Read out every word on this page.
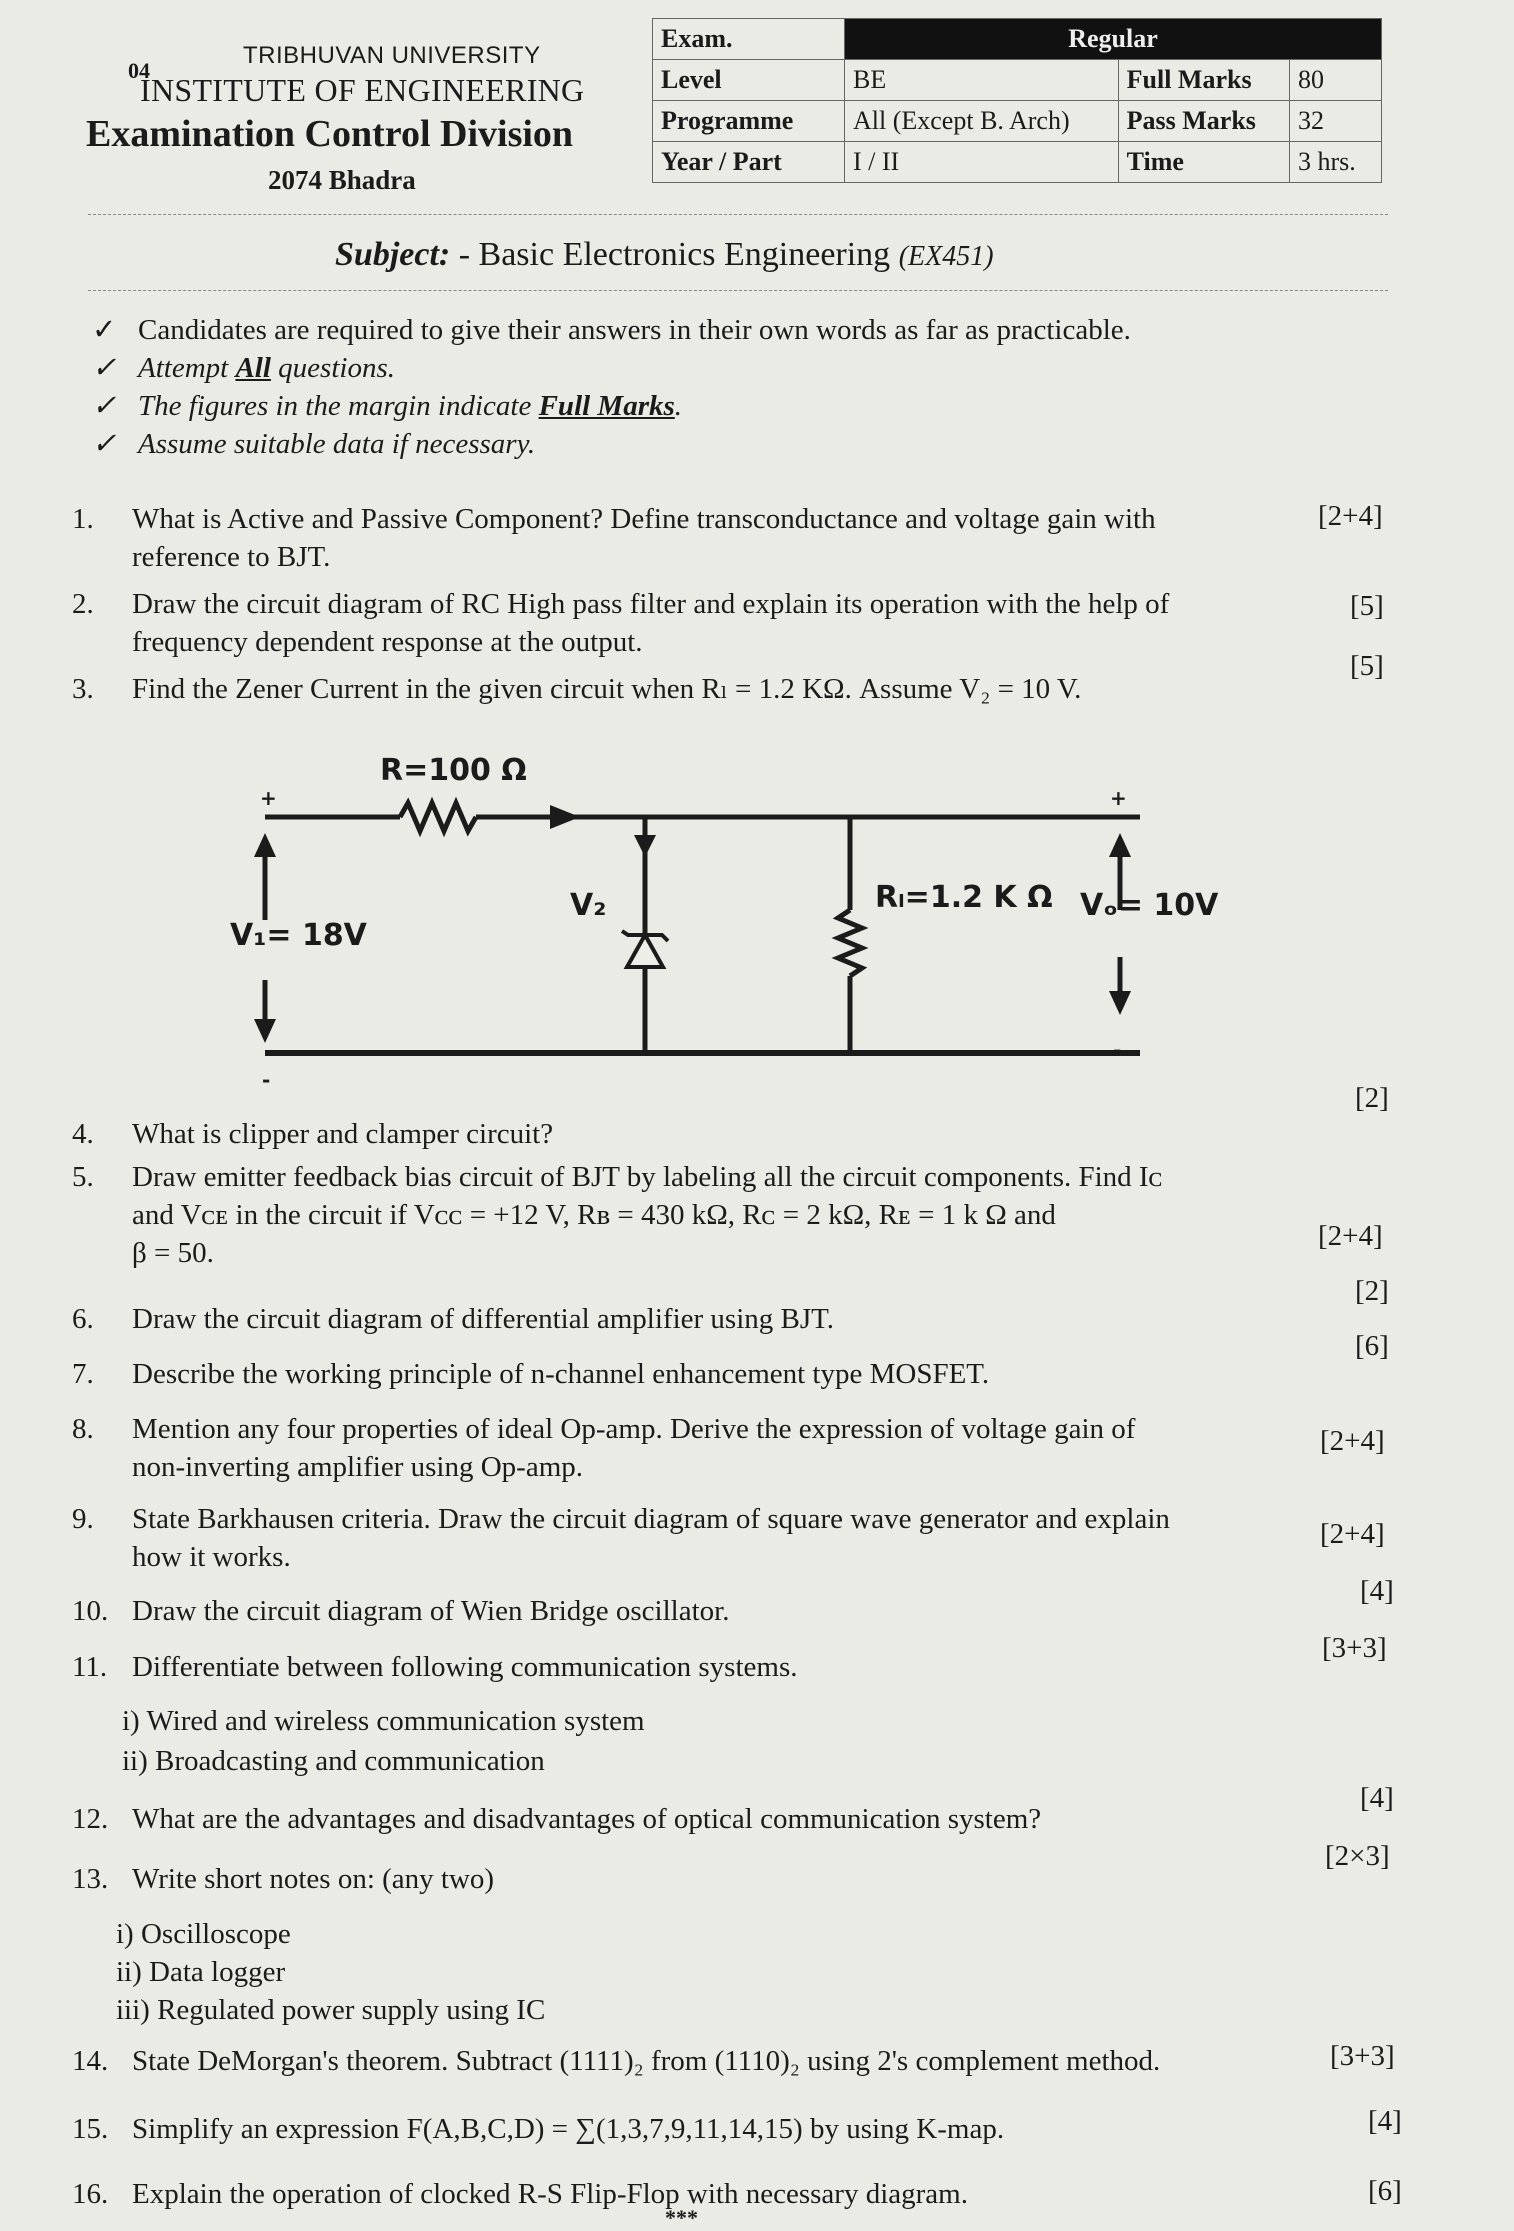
04
TRIBHUVAN UNIVERSITY
INSTITUTE OF ENGINEERING
Examination Control Division
2074 Bhadra
Exam.	Regular		
Level	BE	Full Marks	80
Programme	All (Except B. Arch)	Pass Marks	32
Year / Part	I / II	Time	3 hrs.
Subject: - Basic Electronics Engineering (EX451)
✓ Candidates are required to give their answers in their own words as far as practicable.
✓ Attempt All questions.
✓ The figures in the margin indicate Full Marks.
✓ Assume suitable data if necessary.
1. What is Active and Passive Component? Define transconductance and voltage gain with
reference to BJT.
[2+4]
2. Draw the circuit diagram of RC High pass filter and explain its operation with the help of
frequency dependent response at the output.
[5]
3. Find the Zener Current in the given circuit when Rₗ = 1.2 KΩ. Assume V₂ = 10 V.
[5]
R=100 Ω
V₁= 18V
V₂	Rₗ=1.2 K Ω Vₒ= 10V
+	+
-
-
4. What is clipper and clamper circuit?
[2]
5. Draw emitter feedback bias circuit of BJT by labeling all the circuit components. Find Iᴄ
and Vᴄᴇ in the circuit if Vᴄᴄ = +12 V, Rʙ = 430 kΩ, Rᴄ = 2 kΩ, Rᴇ = 1 k Ω and
β = 50.
[2+4]
6. Draw the circuit diagram of differential amplifier using BJT.
[2]
7. Describe the working principle of n-channel enhancement type MOSFET.
[6]
8. Mention any four properties of ideal Op-amp. Derive the expression of voltage gain of
non-inverting amplifier using Op-amp.
[2+4]
9. State Barkhausen criteria. Draw the circuit diagram of square wave generator and explain
how it works.
[2+4]
10. Draw the circuit diagram of Wien Bridge oscillator.
[4]
11. Differentiate between following communication systems.
[3+3]
i) Wired and wireless communication system
ii) Broadcasting and communication
12. What are the advantages and disadvantages of optical communication system?
[4]
13. Write short notes on: (any two)
[2×3]
i) Oscilloscope
ii) Data logger
iii) Regulated power supply using IC
14. State DeMorgan's theorem. Subtract (1111)₂ from (1110)₂ using 2's complement method.	[3+3]
15. Simplify an expression F(A,B,C,D) = ∑(1,3,7,9,11,14,15) by using K-map.	[4]
16. Explain the operation of clocked R-S Flip-Flop with necessary diagram.	[6]
***
